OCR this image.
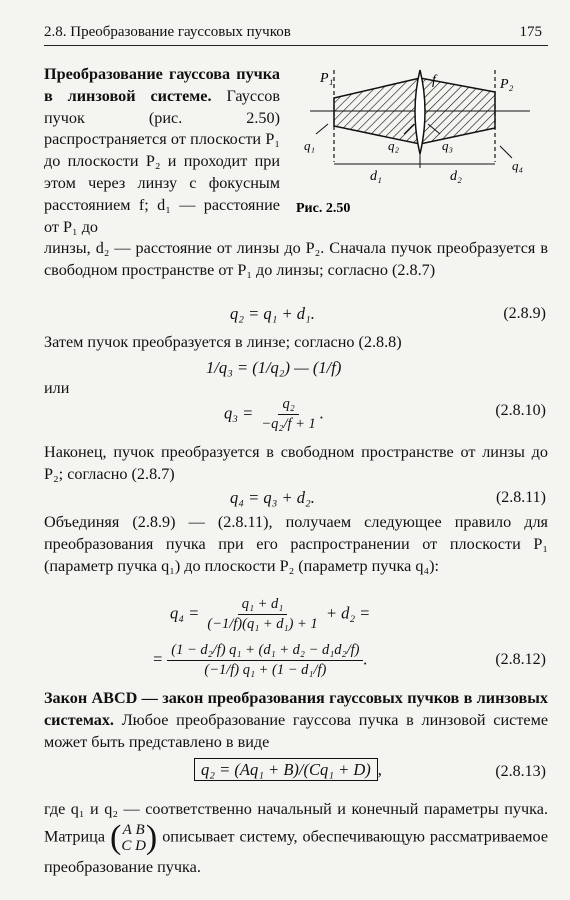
2.8. Преобразование гауссовых пучков	175
Преобразование гауссова пучка в линзовой системе. Гауссов пучок (рис. 2.50) распространяется от плоскости P₁ до плоскости P₂ и проходит при этом через линзу с фокусным расстоянием f; d₁ — расстояние от P₁ до
P₁	P₂
f
q₁	q₂	q₃
q₄
d₁	d₂
Рис. 2.50
линзы, d₂ — расстояние от линзы до P₂. Сначала пучок преобразуется в свободном пространстве от P₁ до линзы; согласно (2.8.7)
q₂ = q₁ + d₁.	(2.8.9)
Затем пучок преобразуется в линзе; согласно (2.8.8)
1/q₃ = (1/q₂) — (1/f)
или
$q_3 = \frac{\text{q₂}}{\text{−q₂/f + 1}}$ .	(2.8.10)
Наконец, пучок преобразуется в свободном пространстве от линзы до P₂; согласно (2.8.7)
q₄ = q₃ + d₂.	(2.8.11)
Объединяя (2.8.9) — (2.8.11), получаем следующее правило для преобразования пучка при его распространении от плоскости P₁ (параметр пучка q₁) до плоскости P₂ (параметр пучка q₄):
$q_4 = \frac{\text{q₁ + d₁}}{\text{(−1/f)(q₁ + d₁) + 1}} + d_2$ =
= $\frac{\text{(1 − d₂/f) q₁ + (d₁ + d₂ − d₁d₂/f)}}{\text{(−1/f) q₁ + (1 − d₁/f)}}$ .	(2.8.12)
Закон ABCD — закон преобразования гауссовых пучков в линзовых системах. Любое преобразование гауссова пучка в линзовой системе может быть представлено в виде
q₂ = (Aq₁ + B)/(Cq₁ + D) ,	(2.8.13)
где q₁ и q₂ — соответственно начальный и конечный параметры пучка. Матрица (A B
C D) описывает систему, обеспечивающую рассматриваемое преобразование пучка.
